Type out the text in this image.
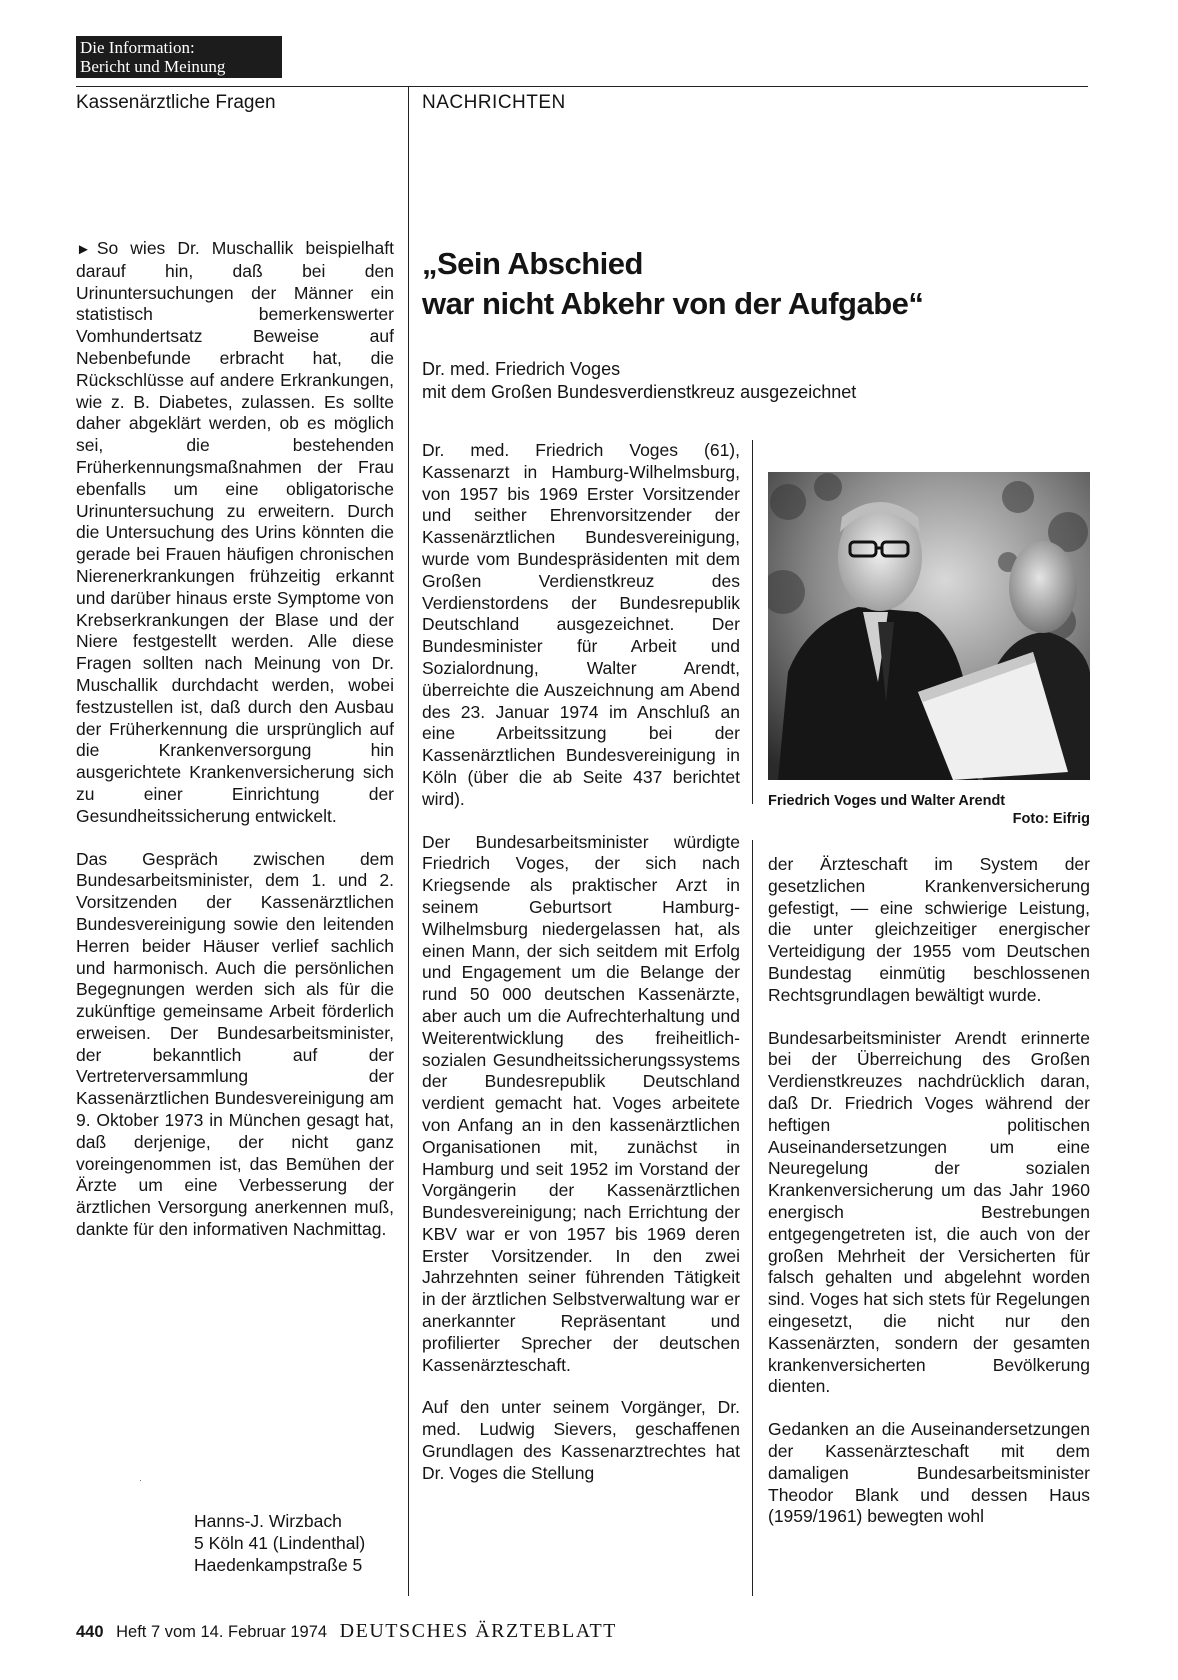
Die Information:
Bericht und Meinung
Kassenärztliche Fragen	NACHRICHTEN

► So wies Dr. Muschallik beispielhaft darauf hin, daß bei den Urinuntersuchungen der Männer ein statistisch bemerkenswerter Vomhundertsatz Beweise auf Nebenbefunde erbracht hat, die Rückschlüsse auf andere Erkrankungen, wie z. B. Diabetes, zulassen. Es sollte daher abgeklärt werden, ob es möglich sei, die bestehenden Früherkennungsmaßnahmen der Frau ebenfalls um eine obligatorische Urinuntersuchung zu erweitern. Durch die Untersuchung des Urins könnten die gerade bei Frauen häufigen chronischen Nierenerkrankungen frühzeitig erkannt und darüber hinaus erste Symptome von Krebserkrankungen der Blase und der Niere festgestellt werden. Alle diese Fragen sollten nach Meinung von Dr. Muschallik durchdacht werden, wobei festzustellen ist, daß durch den Ausbau der Früherkennung die ursprünglich auf die Krankenversorgung hin ausgerichtete Krankenversicherung sich zu einer Einrichtung der Gesundheitssicherung entwickelt.

Das Gespräch zwischen dem Bundesarbeitsminister, dem 1. und 2. Vorsitzenden der Kassenärztlichen Bundesvereinigung sowie den leitenden Herren beider Häuser verlief sachlich und harmonisch. Auch die persönlichen Begegnungen werden sich als für die zukünftige gemeinsame Arbeit förderlich erweisen. Der Bundesarbeitsminister, der bekanntlich auf der Vertreterversammlung der Kassenärztlichen Bundesvereinigung am 9. Oktober 1973 in München gesagt hat, daß derjenige, der nicht ganz voreingenommen ist, das Bemühen der Ärzte um eine Verbesserung der ärztlichen Versorgung anerkennen muß, dankte für den informativen Nachmittag.

Hanns-J. Wirzbach
5 Köln 41 (Lindenthal)
Haedenkampstraße 5
„Sein Abschied
war nicht Abkehr von der Aufgabe“
Dr. med. Friedrich Voges
mit dem Großen Bundesverdienstkreuz ausgezeichnet

Dr. med. Friedrich Voges (61), Kassenarzt in Hamburg-Wilhelmsburg, von 1957 bis 1969 Erster Vorsitzender und seither Ehrenvorsitzender der Kassenärztlichen Bundesvereinigung, wurde vom Bundespräsidenten mit dem Großen Verdienstkreuz des Verdienstordens der Bundesrepublik Deutschland ausgezeichnet. Der Bundesminister für Arbeit und Sozialordnung, Walter Arendt, überreichte die Auszeichnung am Abend des 23. Januar 1974 im Anschluß an eine Arbeitssitzung bei der Kassenärztlichen Bundesvereinigung in Köln (über die ab Seite 437 berichtet wird).

Der Bundesarbeitsminister würdigte Friedrich Voges, der sich nach Kriegsende als praktischer Arzt in seinem Geburtsort Hamburg-Wilhelmsburg niedergelassen hat, als einen Mann, der sich seitdem mit Erfolg und Engagement um die Belange der rund 50 000 deutschen Kassenärzte, aber auch um die Aufrechterhaltung und Weiterentwicklung des freiheitlich-sozialen Gesundheitssicherungssystems der Bundesrepublik Deutschland verdient gemacht hat. Voges arbeitete von Anfang an in den kassenärztlichen Organisationen mit, zunächst in Hamburg und seit 1952 im Vorstand der Vorgängerin der Kassenärztlichen Bundesvereinigung; nach Errichtung der KBV war er von 1957 bis 1969 deren Erster Vorsitzender. In den zwei Jahrzehnten seiner führenden Tätigkeit in der ärztlichen Selbstverwaltung war er anerkannter Repräsentant und profilierter Sprecher der deutschen Kassenärzteschaft.

Auf den unter seinem Vorgänger, Dr. med. Ludwig Sievers, geschaffenen Grundlagen des Kassenarztrechtes hat Dr. Voges die Stellung

Friedrich Voges und Walter Arendt
Foto: Eifrig

der Ärzteschaft im System der gesetzlichen Krankenversicherung gefestigt, — eine schwierige Leistung, die unter gleichzeitiger energischer Verteidigung der 1955 vom Deutschen Bundestag einmütig beschlossenen Rechtsgrundlagen bewältigt wurde.

Bundesarbeitsminister Arendt erinnerte bei der Überreichung des Großen Verdienstkreuzes nachdrücklich daran, daß Dr. Friedrich Voges während der heftigen politischen Auseinandersetzungen um eine Neuregelung der sozialen Krankenversicherung um das Jahr 1960 energisch Bestrebungen entgegengetreten ist, die auch von der großen Mehrheit der Versicherten für falsch gehalten und abgelehnt worden sind. Voges hat sich stets für Regelungen eingesetzt, die nicht nur den Kassenärzten, sondern der gesamten krankenversicherten Bevölkerung dienten.

Gedanken an die Auseinandersetzungen der Kassenärzteschaft mit dem damaligen Bundesarbeitsminister Theodor Blank und dessen Haus (1959/1961) bewegten wohl

440 Heft 7 vom 14. Februar 1974 DEUTSCHES ÄRZTEBLATT
